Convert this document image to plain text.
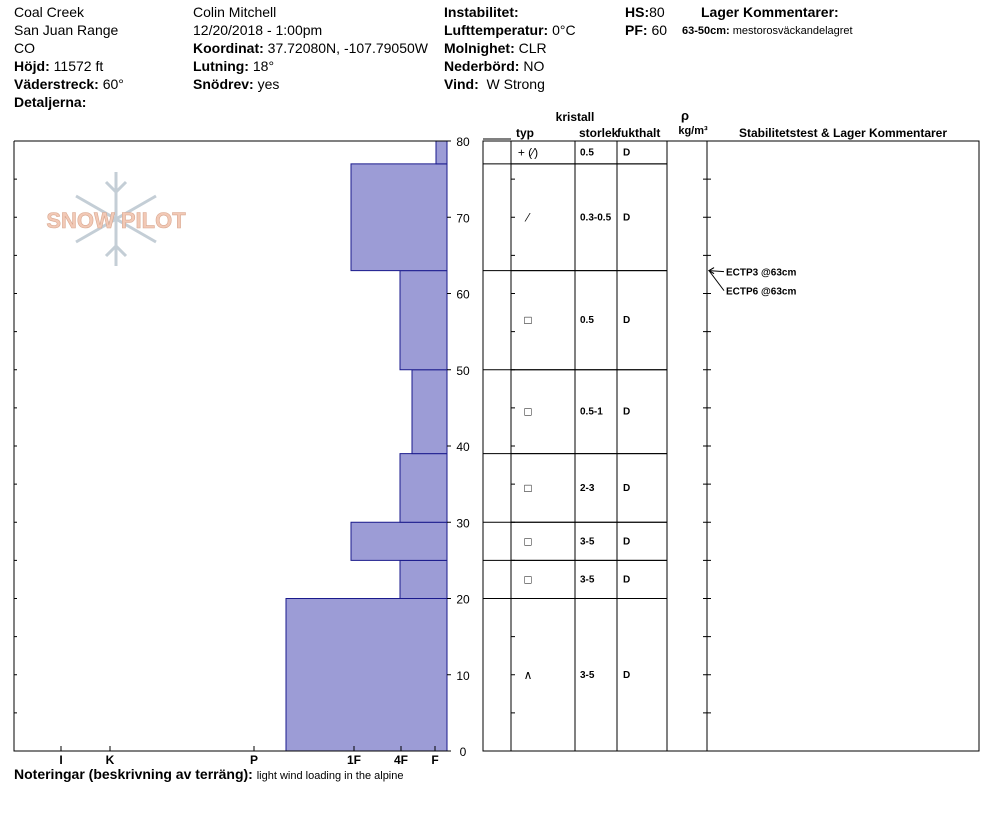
Coal Creek
San Juan Range
CO
Höjd: 11572 ft
Väderstreck: 60°
Detaljerna:
Colin Mitchell
12/20/2018 - 1:00pm
Koordinat: 37.72080N, -107.79050W
Lutning: 18°
Snödrev: yes
Instabilitet:
Lufttemperatur: 0°C
Molnighet: CLR
Nederbörd: NO
Vind: W Strong
HS:80
PF: 60
Lager Kommentarer:
63-50cm: mestorosväckandelagret
SNOW PILOT
0
10
20
30
40
50
60
70
80
I	K	P	1F	4F F
+ (⁄)	0.5	D
⁄	0.3-0.5 D
□	0.5	D
□	0.5-1 D
□	2-3	D
□	3-5	D
□	3-5	D
∧	3-5	D
ECTP3 @63cm
ECTP6 @63cm
kristall
typ	storlek
fukthalt
ρ
kg/m³	Stabilitetstest & Lager Kommentarer
Noteringar (beskrivning av terräng): light wind loading in the alpine
